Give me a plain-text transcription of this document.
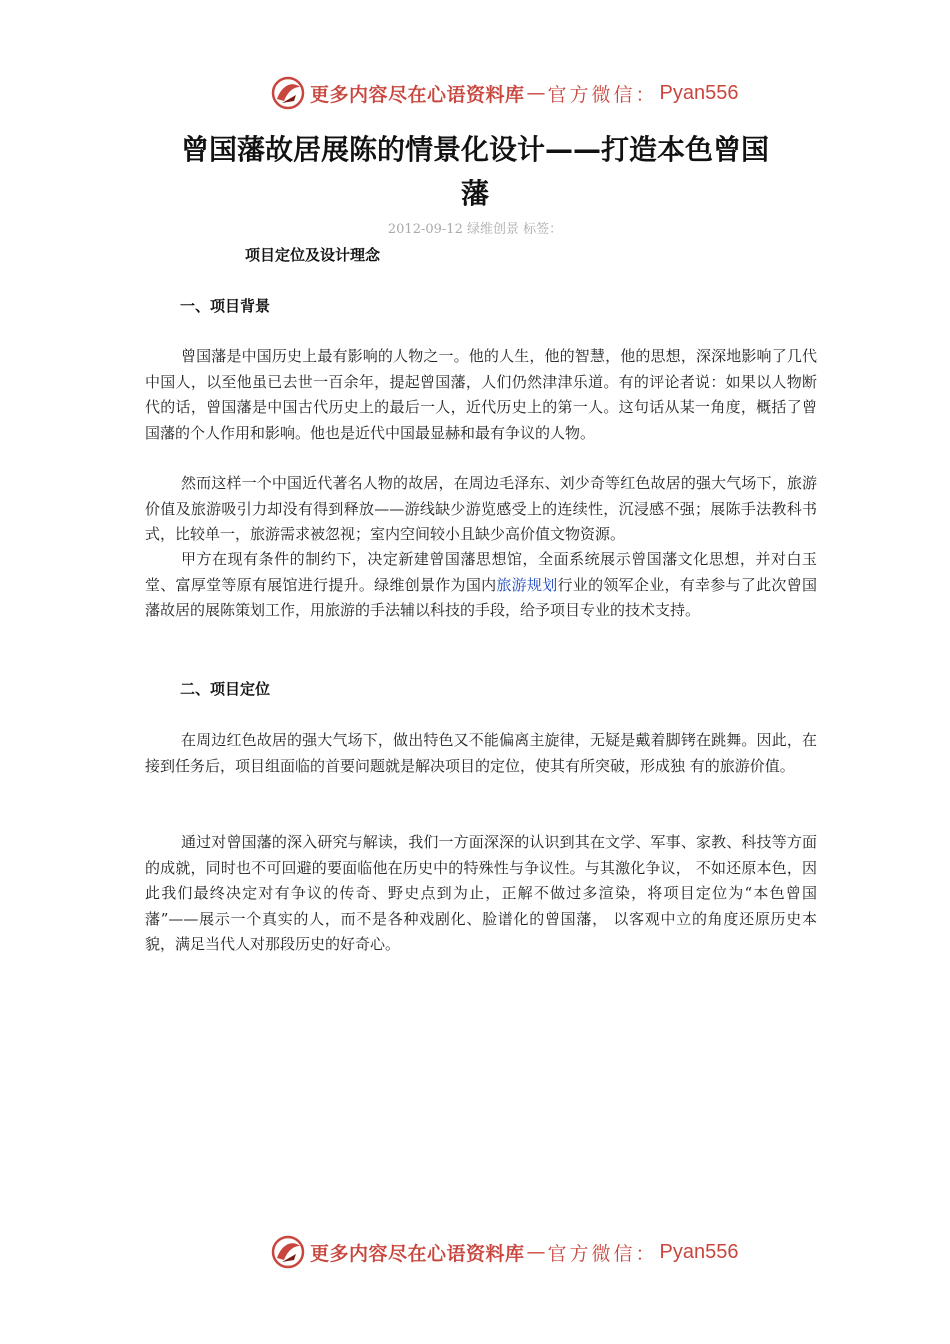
更多内容尽在心语资料库 — 官方微信： Pyan556
曾国藩故居展陈的情景化设计——打造本色曾国
藩
2012-09-12 绿维创景 标签：
项目定位及设计理念
一、项目背景

曾国藩是中国历史上最有影响的人物之一。他的人生，他的智慧，他的思想，深深地影响了几代中国人，以至他虽已去世一百余年，提起曾国藩，人们仍然津津乐道。有的评论者说：如果以人物断代的话，曾国藩是中国古代历史上的最后一人，近代历史上的第一人。这句话从某一角度，概括了曾国藩的个人作用和影响。他也是近代中国最显赫和最有争议的人物。

然而这样一个中国近代著名人物的故居，在周边毛泽东、刘少奇等红色故居的强大气场下，旅游价值及旅游吸引力却没有得到释放——游线缺少游览感受上的连续性，沉浸感不强；展陈手法教科书式，比较单一，旅游需求被忽视；室内空间较小且缺少高价值文物资源。

甲方在现有条件的制约下，决定新建曾国藩思想馆，全面系统展示曾国藩文化思想，并对白玉堂、富厚堂等原有展馆进行提升。绿维创景作为国内旅游规划行业的领军企业，有幸参与了此次曾国藩故居的展陈策划工作，用旅游的手法辅以科技的手段，给予项目专业的技术支持。

二、项目定位

在周边红色故居的强大气场下，做出特色又不能偏离主旋律，无疑是戴着脚铐在跳舞。因此，在接到任务后，项目组面临的首要问题就是解决项目的定位，使其有所突破，形成独 有的旅游价值。

通过对曾国藩的深入研究与解读，我们一方面深深的认识到其在文学、军事、家教、科技等方面的成就，同时也不可回避的要面临他在历史中的特殊性与争议性。与其激化争议， 不如还原本色，因此我们最终决定对有争议的传奇、野史点到为止，正解不做过多渲染，将项目定位为“本色曾国藩”——展示一个真实的人，而不是各种戏剧化、脸谱化的曾国藩， 以客观中立的角度还原历史本貌，满足当代人对那段历史的好奇心。

更多内容尽在心语资料库 — 官方微信： Pyan556
